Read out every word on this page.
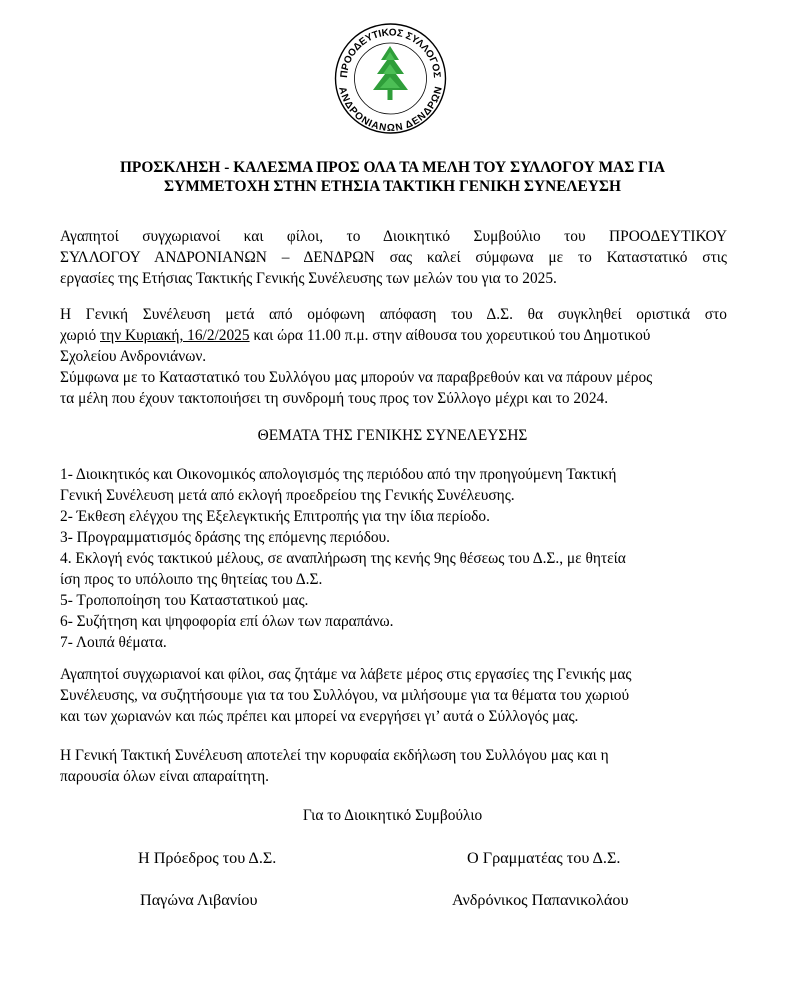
ΠΡΟΟΔΕΥΤΙΚΟΣ ΣΥΛΛΟΓΟΣ
ΑΝΔΡΟΝΙΑΝΩΝ ΔΕΝΔΡΩΝ
ΠΡΟΣΚΛΗΣΗ - ΚΑΛΕΣΜΑ ΠΡΟΣ ΟΛΑ ΤΑ ΜΕΛΗ ΤΟΥ ΣΥΛΛΟΓΟΥ ΜΑΣ ΓΙΑ
ΣΥΜΜΕΤΟΧΗ ΣΤΗΝ ΕΤΗΣΙΑ ΤΑΚΤΙΚΗ ΓΕΝΙΚΗ ΣΥΝΕΛΕΥΣΗ
Αγαπητοί συγχωριανοί και φίλοι, το Διοικητικό Συμβούλιο του ΠΡΟΟΔΕΥΤΙΚΟΥ
ΣΥΛΛΟΓΟΥ ΑΝΔΡΟΝΙΑΝΩΝ – ΔΕΝΔΡΩΝ σας καλεί σύμφωνα με το Καταστατικό στις
εργασίες της Ετήσιας Τακτικής Γενικής Συνέλευσης των μελών του για το 2025.
Η Γενική Συνέλευση μετά από ομόφωνη απόφαση του Δ.Σ. θα συγκληθεί οριστικά στο
χωριό την Κυριακή, 16/2/2025 και ώρα 11.00 π.μ. στην αίθουσα του χορευτικού του Δημοτικού
Σχολείου Ανδρονιάνων.
Σύμφωνα με το Καταστατικό του Συλλόγου μας μπορούν να παραβρεθούν και να πάρουν μέρος
τα μέλη που έχουν τακτοποιήσει τη συνδρομή τους προς τον Σύλλογο μέχρι και το 2024.
ΘΕΜΑΤΑ ΤΗΣ ΓΕΝΙΚΗΣ ΣΥΝΕΛΕΥΣΗΣ
1- Διοικητικός και Οικονομικός απολογισμός της περιόδου από την προηγούμενη Τακτική
Γενική Συνέλευση μετά από εκλογή προεδρείου της Γενικής Συνέλευσης.
2- Έκθεση ελέγχου της Εξελεγκτικής Επιτροπής για την ίδια περίοδο.
3- Προγραμματισμός δράσης της επόμενης περιόδου.
4. Εκλογή ενός τακτικού μέλους, σε αναπλήρωση της κενής 9ης θέσεως του Δ.Σ., με θητεία
ίση προς το υπόλοιπο της θητείας του Δ.Σ.
5- Τροποποίηση του Καταστατικού μας.
6- Συζήτηση και ψηφοφορία επί όλων των παραπάνω.
7- Λοιπά θέματα.
Αγαπητοί συγχωριανοί και φίλοι, σας ζητάμε να λάβετε μέρος στις εργασίες της Γενικής μας
Συνέλευσης, να συζητήσουμε για τα του Συλλόγου, να μιλήσουμε για τα θέματα του χωριού
και των χωριανών και πώς πρέπει και μπορεί να ενεργήσει γι’ αυτά ο Σύλλογός μας.
Η Γενική Τακτική Συνέλευση αποτελεί την κορυφαία εκδήλωση του Συλλόγου μας και η
παρουσία όλων είναι απαραίτητη.
Για το Διοικητικό Συμβούλιο
Η Πρόεδρος του Δ.Σ.	Ο Γραμματέας του Δ.Σ.
Παγώνα Λιβανίου	Ανδρόνικος Παπανικολάου
